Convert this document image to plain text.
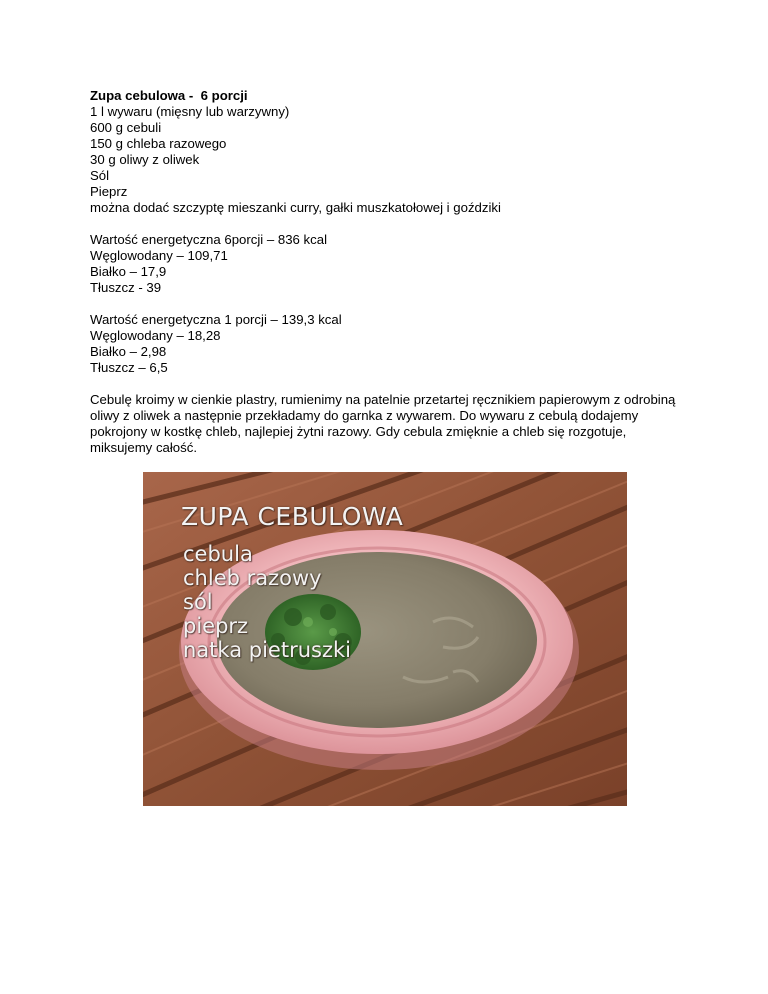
Zupa cebulowa -  6 porcji
1 l wywaru (mięsny lub warzywny)
600 g cebuli
150 g chleba razowego
30 g oliwy z oliwek
Sól
Pieprz
można dodać szczyptę mieszanki curry, gałki muszkatołowej i goździki
Wartość energetyczna 6porcji – 836 kcal
Węglowodany – 109,71
Białko – 17,9
Tłuszcz - 39
Wartość energetyczna 1 porcji – 139,3 kcal
Węglowodany – 18,28
Białko – 2,98
Tłuszcz – 6,5
Cebulę kroimy w cienkie plastry, rumienimy na patelnie przetartej ręcznikiem papierowym z odrobiną oliwy z oliwek a następnie przekładamy do garnka z wywarem. Do wywaru z cebulą dodajemy pokrojony w kostkę chleb, najlepiej żytni razowy. Gdy cebula zmięknie a chleb się rozgotuje, miksujemy całość.
ZUPA CEBULOWA
cebula
chleb razowy
sól
pieprz
natka pietruszki
